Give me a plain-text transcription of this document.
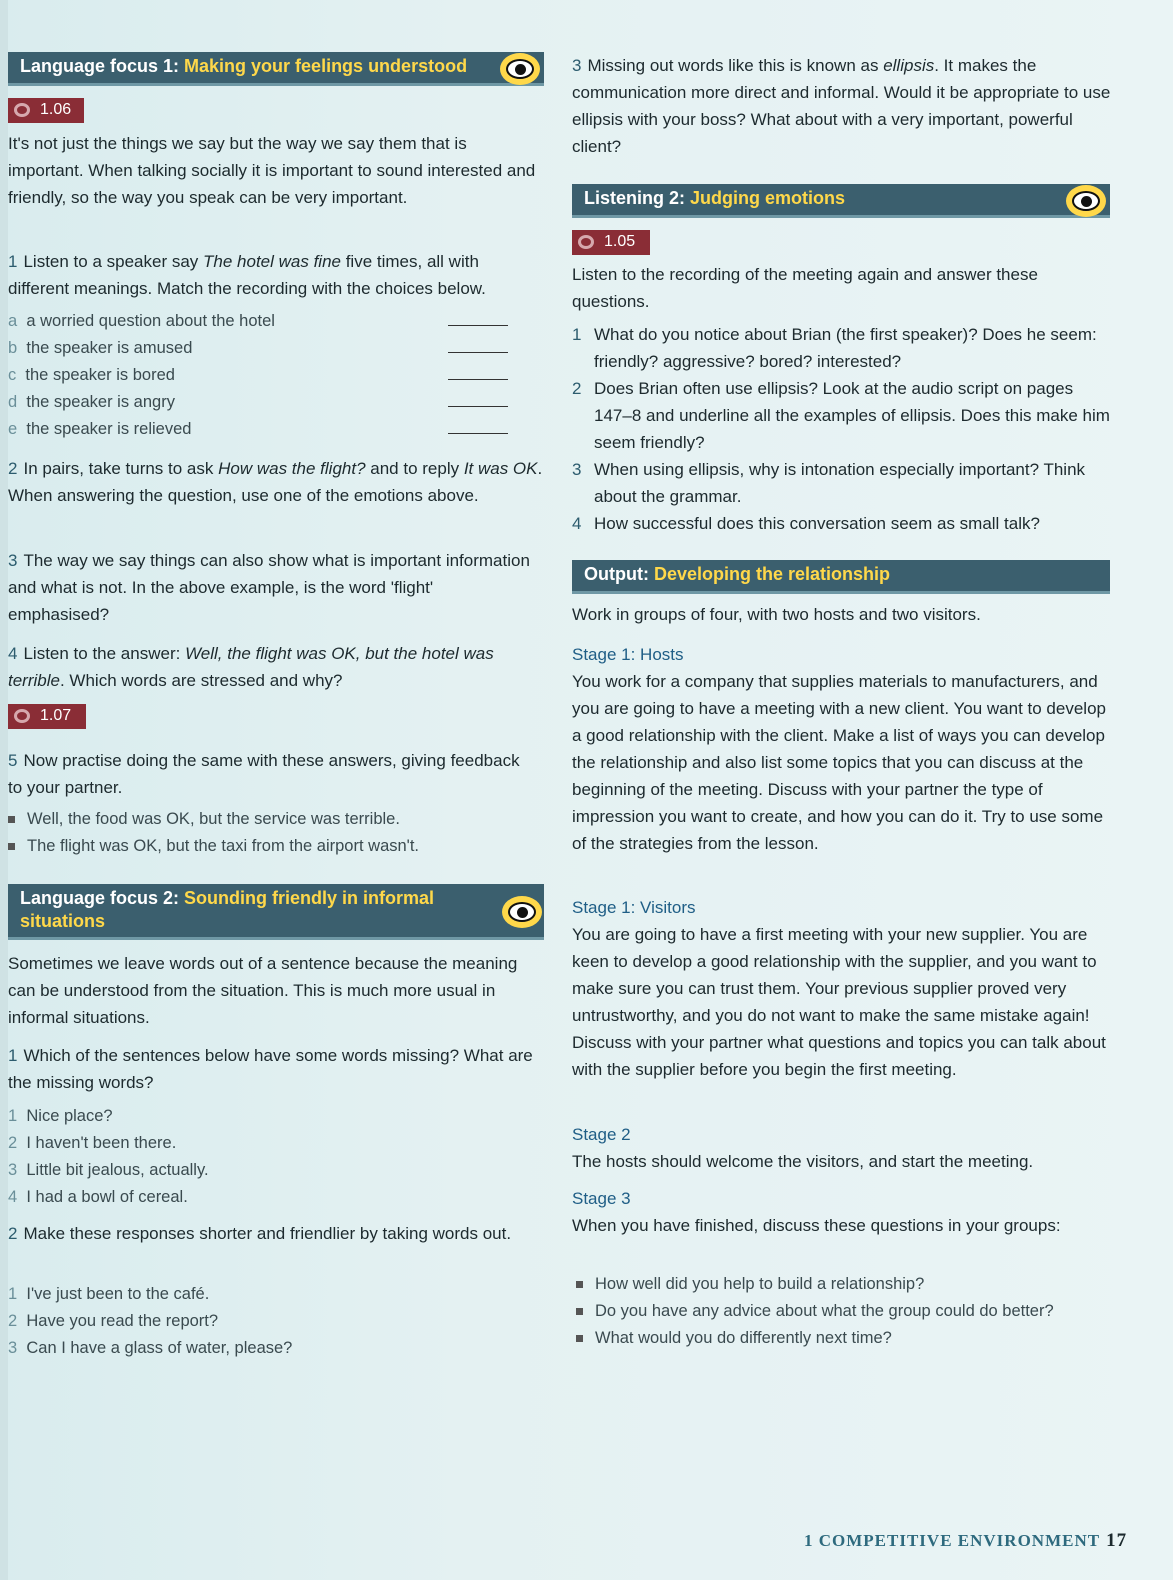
Language focus 1: Making your feelings understood
1.06

It's not just the things we say but the way we say them that is important. When talking socially it is important to sound interested and friendly, so the way you speak can be very important.

1 Listen to a speaker say The hotel was fine five times, all with different meanings. Match the recording with the choices below.

a a worried question about the hotel
b the speaker is amused
c the speaker is bored
d the speaker is angry
e the speaker is relieved

2 In pairs, take turns to ask How was the flight? and to reply It was OK. When answering the question, use one of the emotions above.

3 The way we say things can also show what is important information and what is not. In the above example, is the word 'flight' emphasised?

4 Listen to the answer: Well, the flight was OK, but the hotel was terrible. Which words are stressed and why?

1.07

5 Now practise doing the same with these answers, giving feedback to your partner.

Well, the food was OK, but the service was terrible.

The flight was OK, but the taxi from the airport wasn't.

Language focus 2: Sounding friendly in informal
situations

Sometimes we leave words out of a sentence because the meaning can be understood from the situation. This is much more usual in informal situations.

1 Which of the sentences below have some words missing? What are the missing words?

1 Nice place?

2 I haven't been there.

3 Little bit jealous, actually.

4 I had a bowl of cereal.

2 Make these responses shorter and friendlier by taking words out.

1 I've just been to the café.

2 Have you read the report?

3 Can I have a glass of water, please?

3 Missing out words like this is known as ellipsis. It makes the communication more direct and informal. Would it be appropriate to use ellipsis with your boss? What about with a very important, powerful client?

Listening 2: Judging emotions
1.05

Listen to the recording of the meeting again and answer these questions.

1 What do you notice about Brian (the first speaker)? Does he seem: friendly? aggressive? bored? interested?

2 Does Brian often use ellipsis? Look at the audio script on pages 147–8 and underline all the examples of ellipsis. Does this make him seem friendly?

3 When using ellipsis, why is intonation especially important? Think about the grammar.

4 How successful does this conversation seem as small talk?

Output: Developing the relationship

Work in groups of four, with two hosts and two visitors.

Stage 1: Hosts

You work for a company that supplies materials to manufacturers, and you are going to have a meeting with a new client. You want to develop a good relationship with the client. Make a list of ways you can develop the relationship and also list some topics that you can discuss at the beginning of the meeting. Discuss with your partner the type of impression you want to create, and how you can do it. Try to use some of the strategies from the lesson.

Stage 1: Visitors

You are going to have a first meeting with your new supplier. You are keen to develop a good relationship with the supplier, and you want to make sure you can trust them. Your previous supplier proved very untrustworthy, and you do not want to make the same mistake again! Discuss with your partner what questions and topics you can talk about with the supplier before you begin the first meeting.

Stage 2

The hosts should welcome the visitors, and start the meeting.

Stage 3

When you have finished, discuss these questions in your groups:

How well did you help to build a relationship?

Do you have any advice about what the group could do better?

What would you do differently next time?

1 COMPETITIVE ENVIRONMENT 17
